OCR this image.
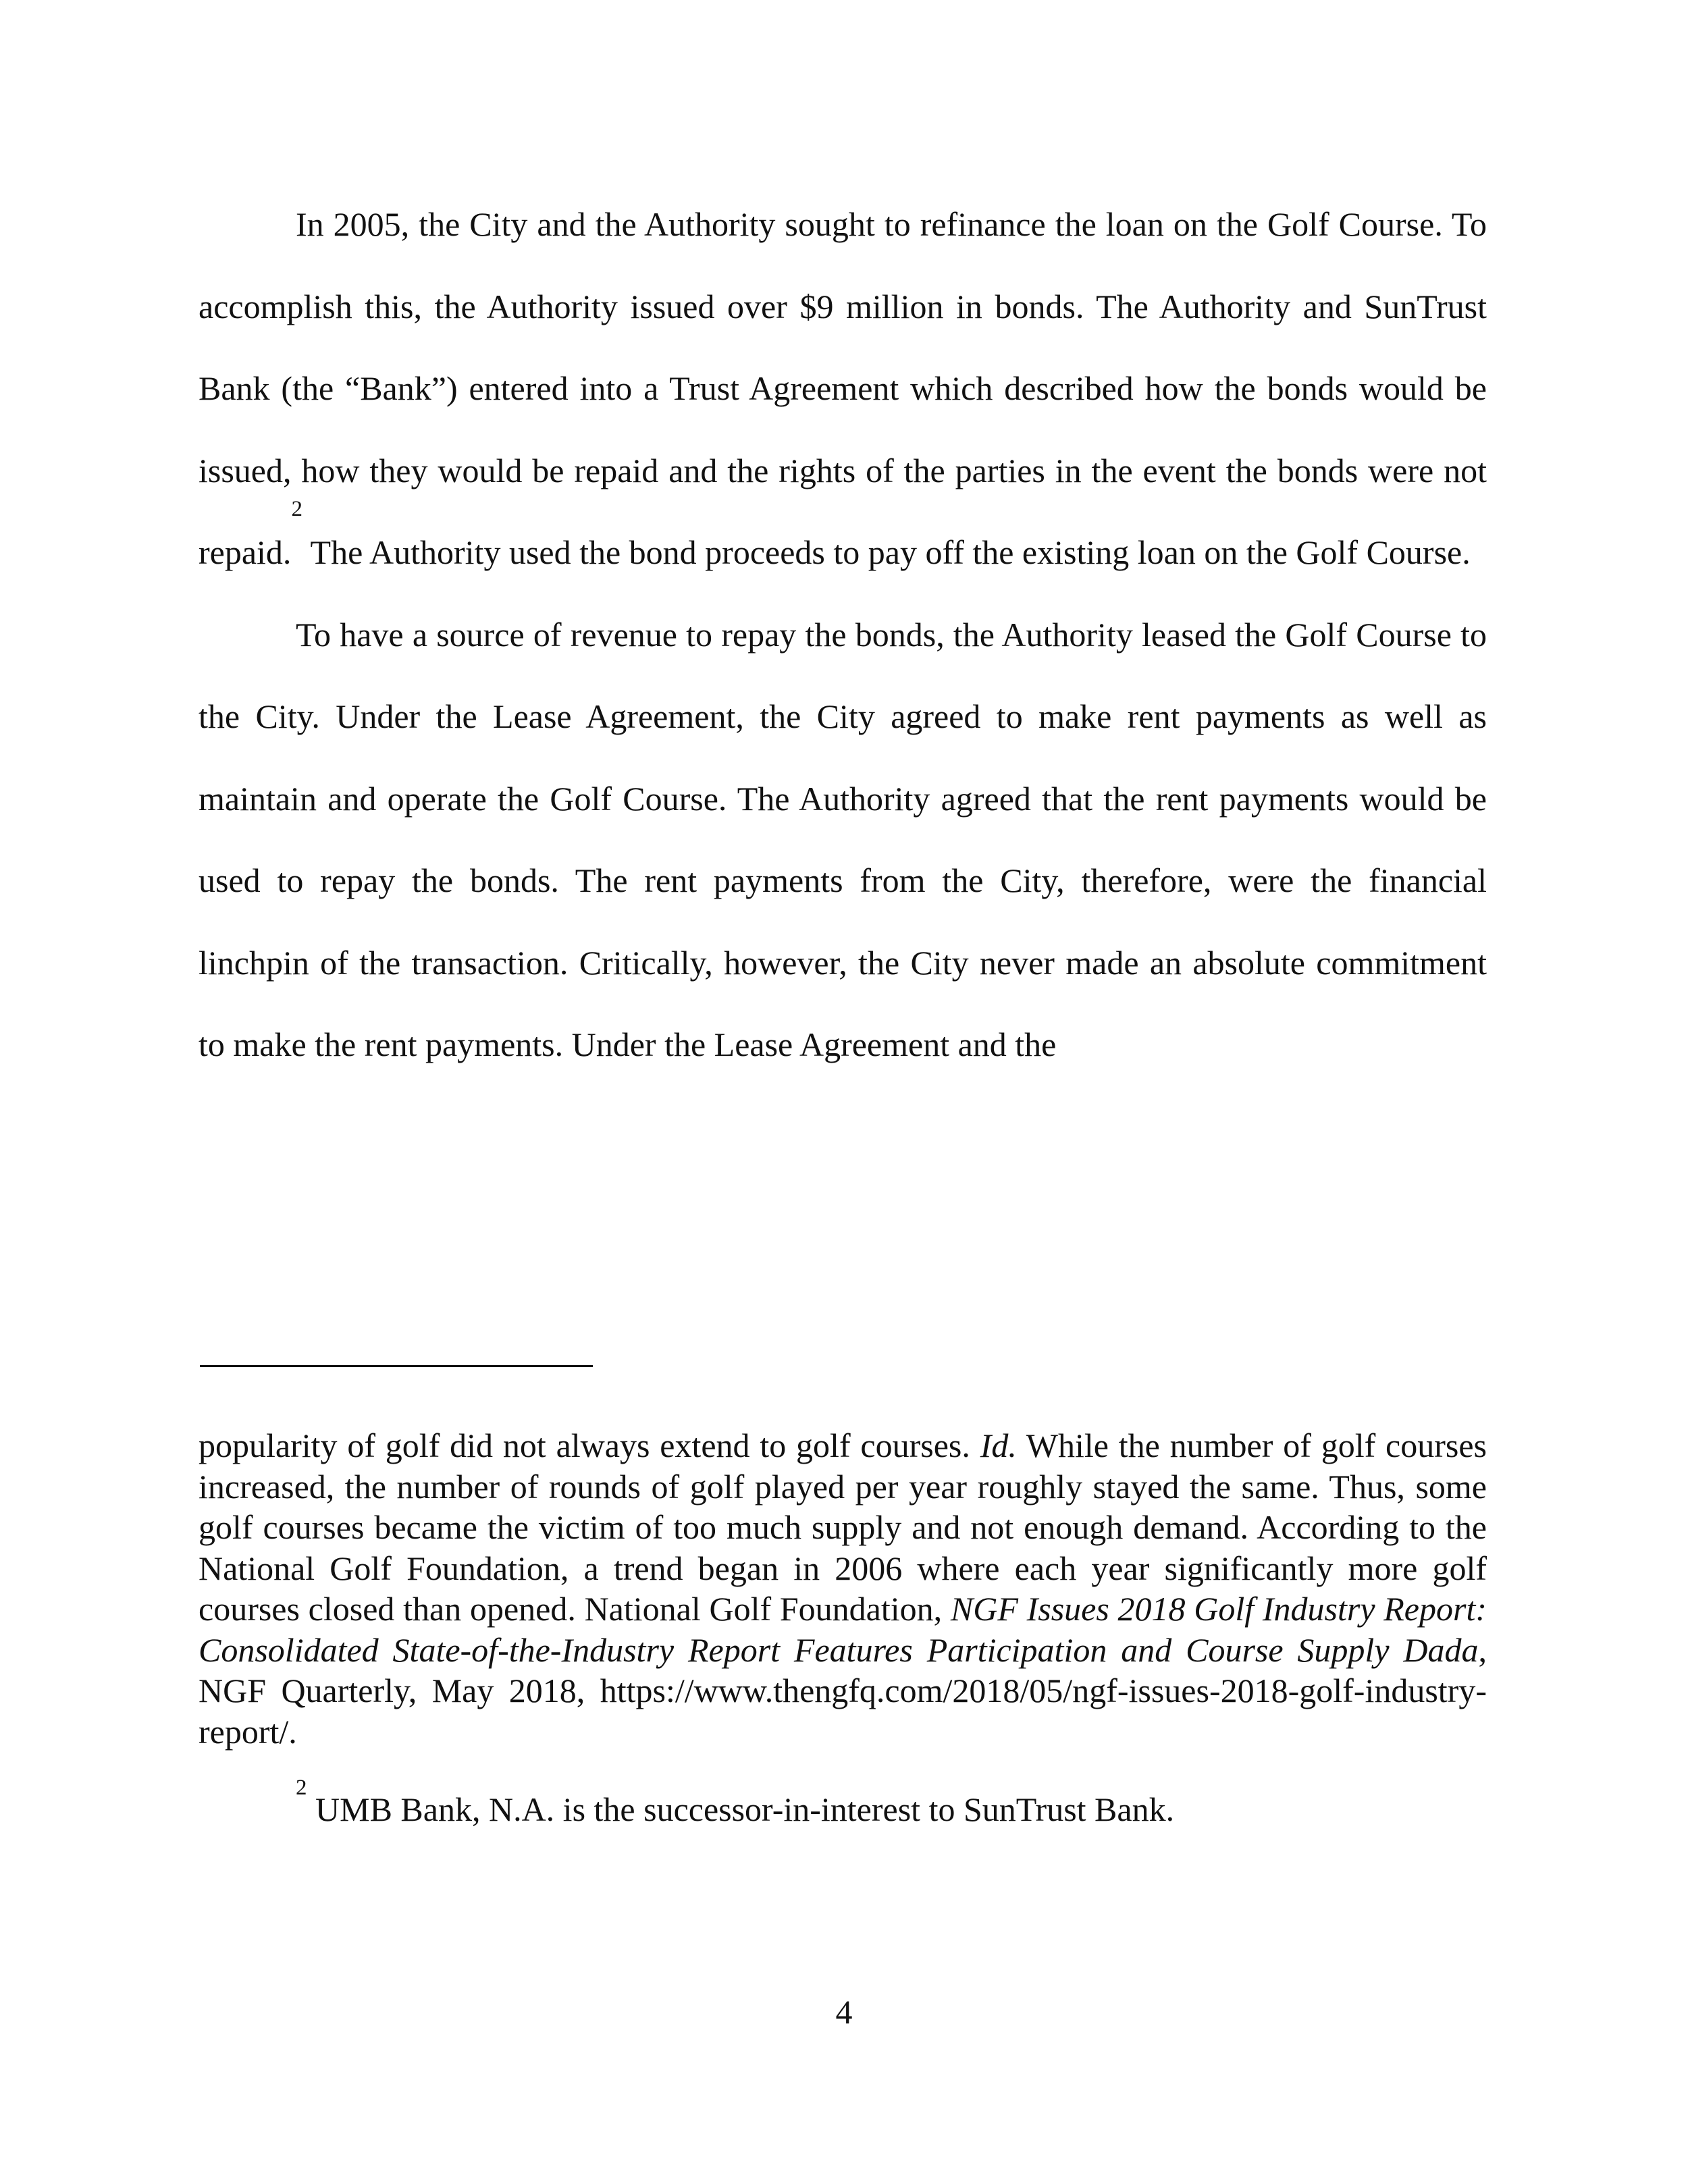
In 2005, the City and the Authority sought to refinance the loan on the Golf Course. To accomplish this, the Authority issued over $9 million in bonds. The Authority and SunTrust Bank (the “Bank”) entered into a Trust Agreement which described how the bonds would be issued, how they would be repaid and the rights of the parties in the event the bonds were not repaid.$^2$ The Authority used the bond proceeds to pay off the existing loan on the Golf Course.

To have a source of revenue to repay the bonds, the Authority leased the Golf Course to the City. Under the Lease Agreement, the City agreed to make rent payments as well as maintain and operate the Golf Course. The Authority agreed that the rent payments would be used to repay the bonds. The rent payments from the City, therefore, were the financial linchpin of the transaction. Critically, however, the City never made an absolute commitment to make the rent payments. Under the Lease Agreement and the

popularity of golf did not always extend to golf courses. Id. While the number of golf courses increased, the number of rounds of golf played per year roughly stayed the same. Thus, some golf courses became the victim of too much supply and not enough demand. According to the National Golf Foundation, a trend began in 2006 where each year significantly more golf courses closed than opened. National Golf Foundation, NGF Issues 2018 Golf Industry Report: Consolidated State-of-the-Industry Report Features Participation and Course Supply Dada, NGF Quarterly, May 2018, https://www.thengfq.com/2018/05/ngf-issues-2018-golf-industry-report/.

$^2$ UMB Bank, N.A. is the successor-in-interest to SunTrust Bank.

4
